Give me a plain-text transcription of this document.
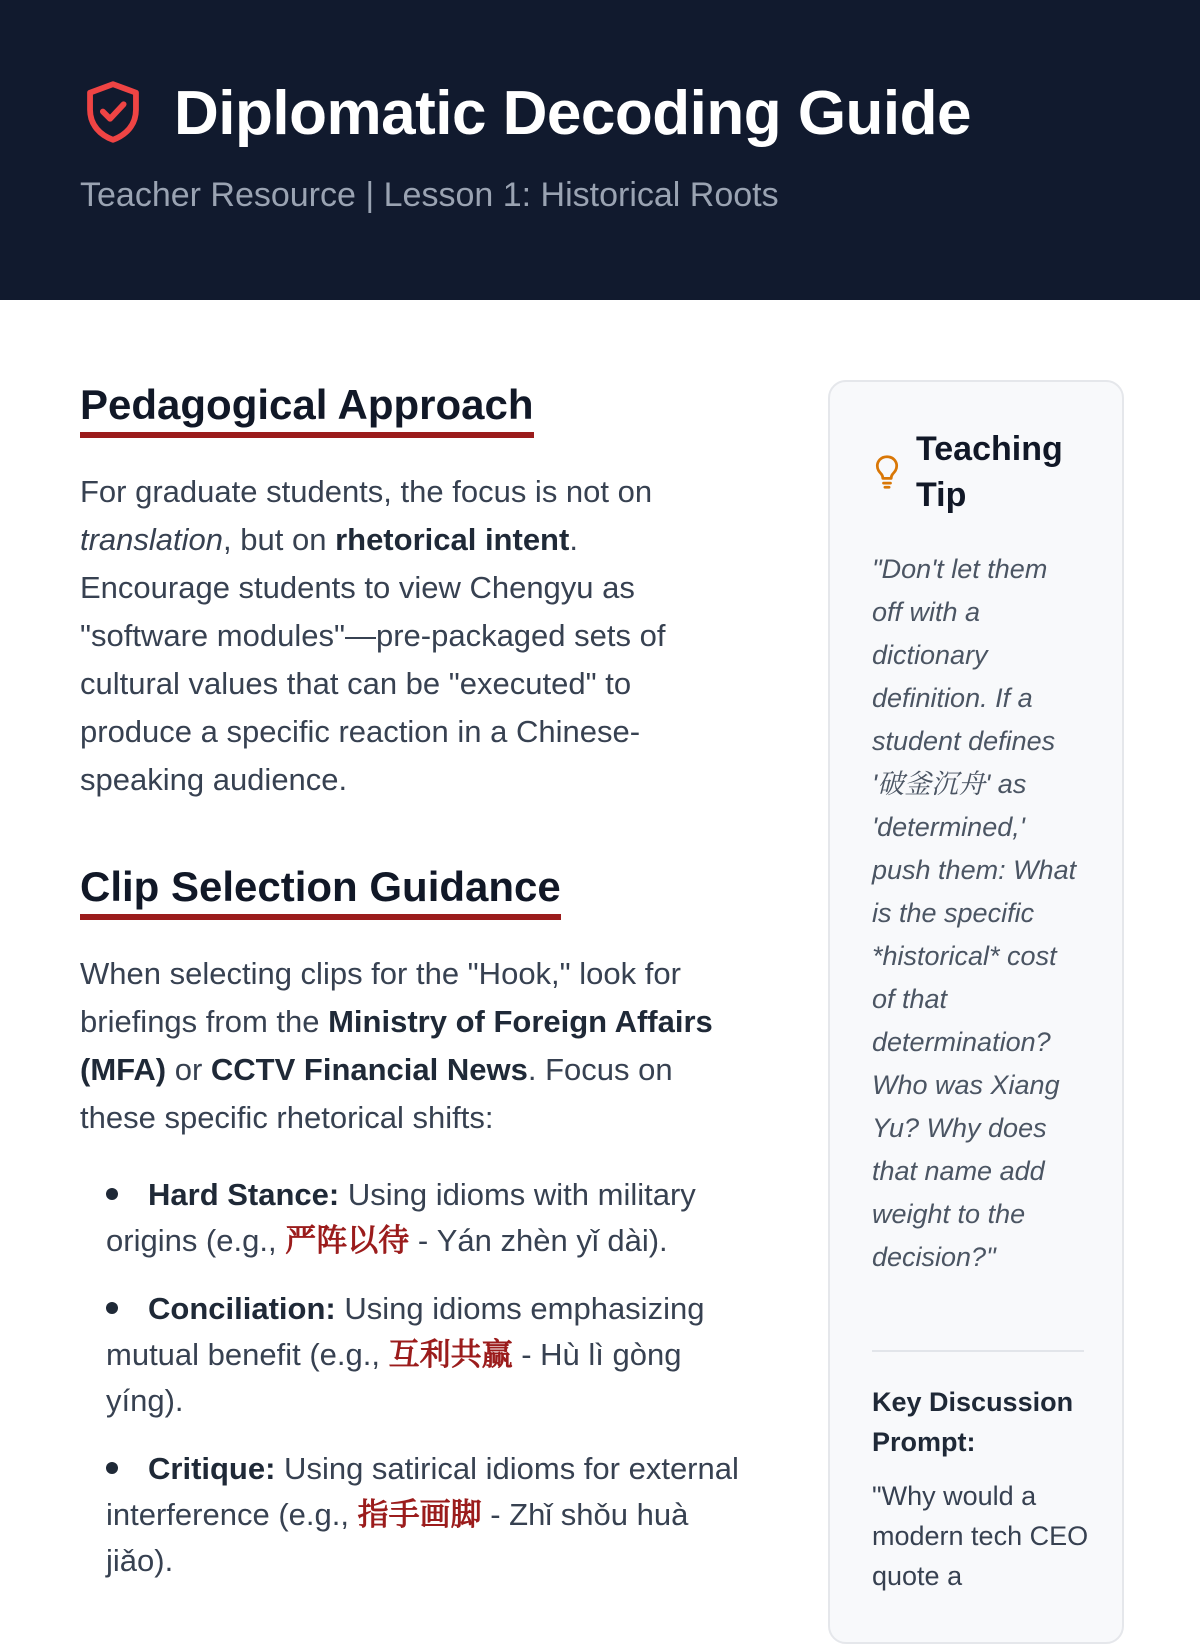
Diplomatic Decoding Guide
Teacher Resource | Lesson 1: Historical Roots
Pedagogical Approach

For graduate students, the focus is not on translation, but on rhetorical intent. Encourage students to view Chengyu as "software modules"—pre-packaged sets of cultural values that can be "executed" to produce a specific reaction in a Chinese-speaking audience.

Clip Selection Guidance

When selecting clips for the "Hook," look for briefings from the Ministry of Foreign Affairs (MFA) or CCTV Financial News. Focus on these specific rhetorical shifts:

Hard Stance: Using idioms with military origins (e.g., 严阵以待 - Yán zhèn yǐ dài).
Conciliation: Using idioms emphasizing mutual benefit (e.g., 互利共赢 - Hù lì gòng yíng).
Critique: Using satirical idioms for external interference (e.g., 指手画脚 - Zhǐ shǒu huà jiǎo).
Teaching Tip
"Don't let them off with a dictionary definition. If a student defines '破釜沉舟' as 'determined,' push them: What is the specific *historical* cost of that determination? Who was Xiang Yu? Why does that name add weight to the decision?"
Key Discussion Prompt:
"Why would a modern tech CEO quote a
